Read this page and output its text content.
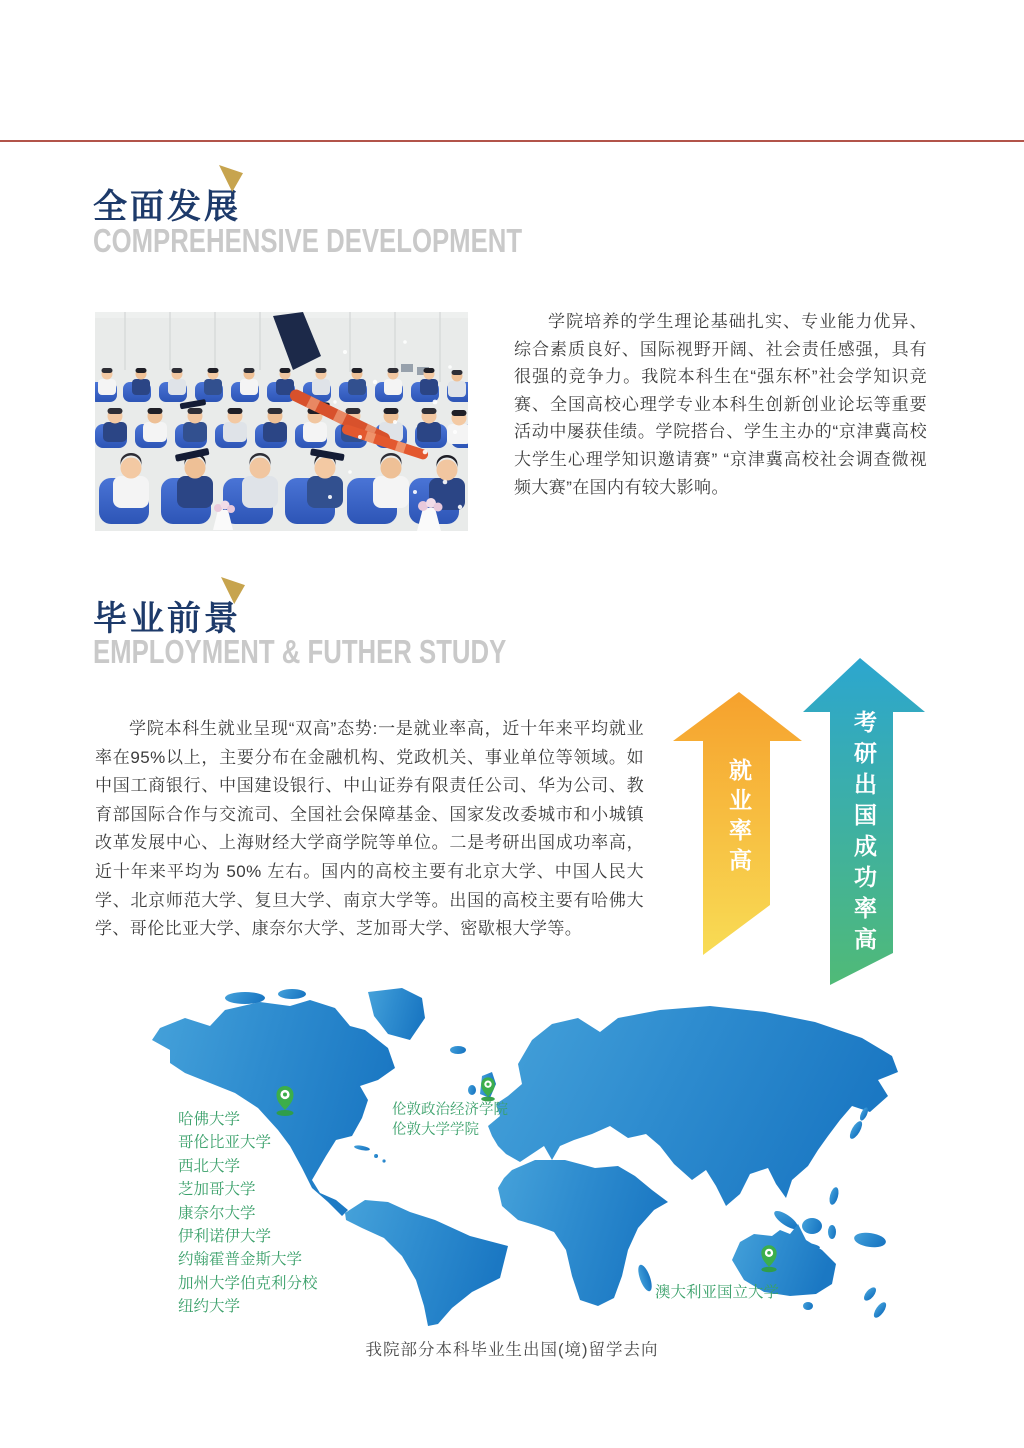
全面发展
COMPREHENSIVE DEVELOPMENT
学院培养的学生理论基础扎实、专业能力优异、综合素质良好、国际视野开阔、社会责任感强，具有很强的竞争力。我院本科生在“强东杯”社会学知识竞赛、全国高校心理学专业本科生创新创业论坛等重要活动中屡获佳绩。学院搭台、学生主办的“京津冀高校大学生心理学知识邀请赛” “京津冀高校社会调查微视频大赛”在国内有较大影响。
毕业前景
EMPLOYMENT & FUTHER STUDY
学院本科生就业呈现“双高”态势:一是就业率高，近十年来平均就业率在95%以上，主要分布在金融机构、党政机关、事业单位等领域。如中国工商银行、中国建设银行、中山证券有限责任公司、华为公司、教育部国际合作与交流司、全国社会保障基金、国家发改委城市和小城镇改革发展中心、上海财经大学商学院等单位。二是考研出国成功率高，近十年来平均为 50% 左右。国内的高校主要有北京大学、中国人民大学、北京师范大学、复旦大学、南京大学等。出国的高校主要有哈佛大学、哥伦比亚大学、康奈尔大学、芝加哥大学、密歇根大学等。
就业率高	考研出国成功率高
哈佛大学
哥伦比亚大学
西北大学
芝加哥大学
康奈尔大学
伊利诺伊大学
约翰霍普金斯大学
加州大学伯克利分校
纽约大学
伦敦政治经济学院
伦敦大学学院
澳大利亚国立大学
我院部分本科毕业生出国(境)留学去向
